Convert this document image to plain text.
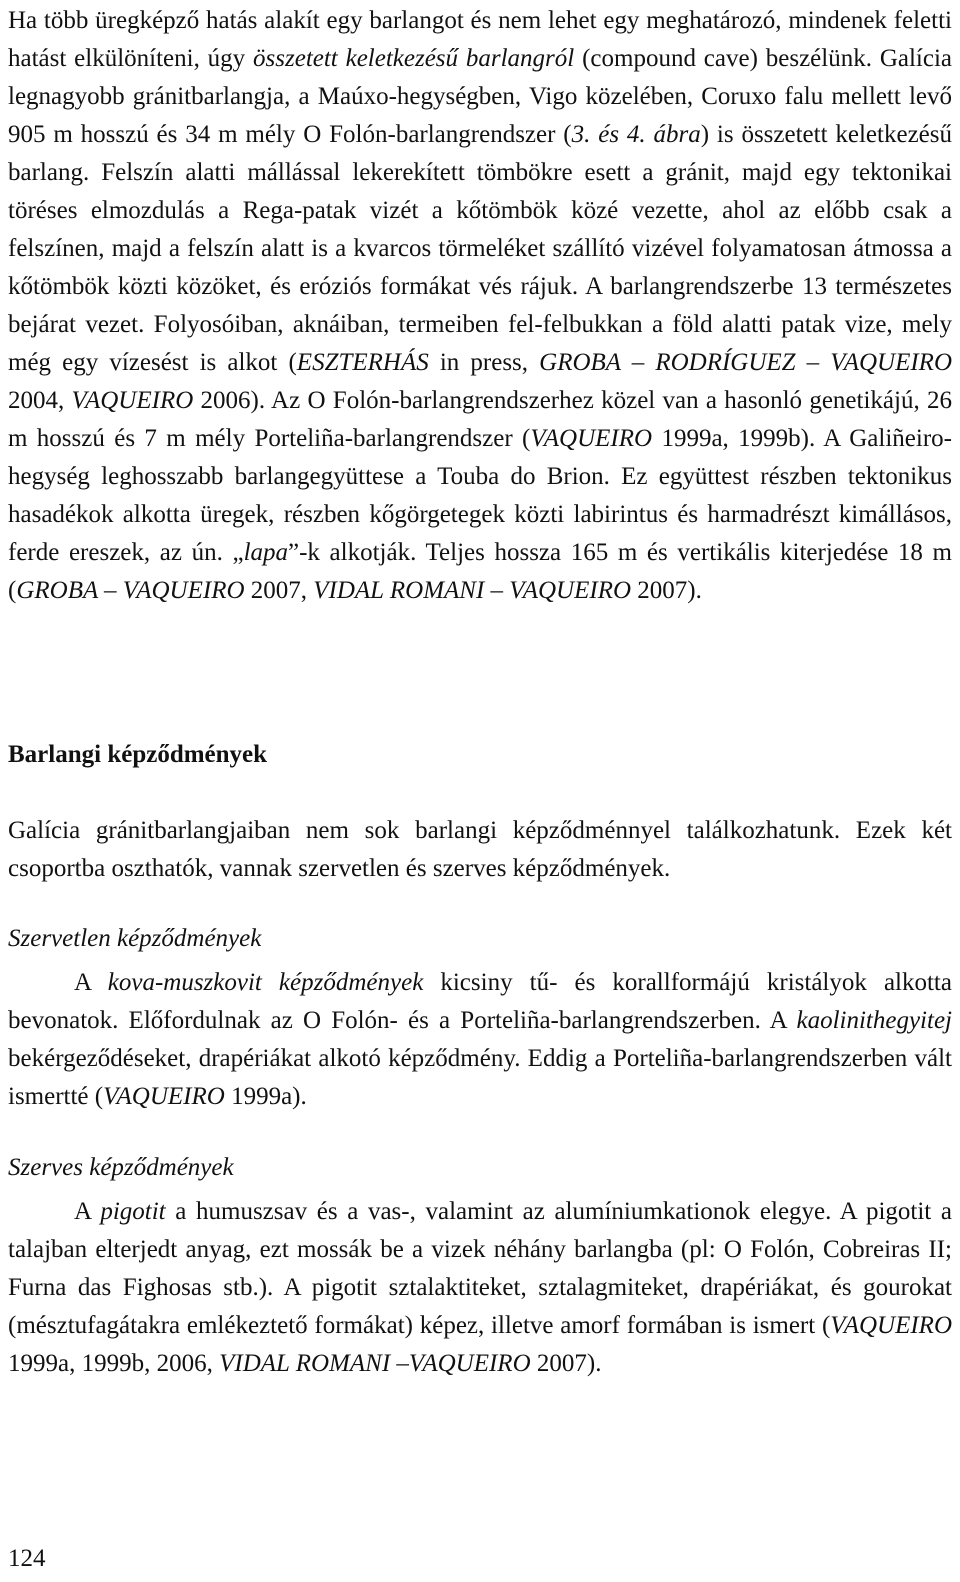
Ha több üregképző hatás alakít egy barlangot és nem lehet egy meghatározó, mindenek feletti hatást elkülöníteni, úgy összetett keletkezésű barlangról (compound cave) beszélünk. Galícia legnagyobb gránitbarlangja, a Maúxo-hegységben, Vigo közelében, Coruxo falu mellett levő 905 m hosszú és 34 m mély O Folón-barlangrendszer (3. és 4. ábra) is összetett keletkezésű barlang. Felszín alatti mállással lekerekített tömbökre esett a gránit, majd egy tektonikai töréses elmozdulás a Rega-patak vizét a kőtömbök közé vezette, ahol az előbb csak a felszínen, majd a felszín alatt is a kvarcos törmeléket szállító vizével folyamatosan átmossa a kőtömbök közti közöket, és eróziós formákat vés rájuk. A barlangrendszerbe 13 természetes bejárat vezet. Folyosóiban, aknáiban, termeiben fel-felbukkan a föld alatti patak vize, mely még egy vízesést is alkot (ESZTERHÁS in press, GROBA – RODRÍGUEZ – VAQUEIRO 2004, VAQUEIRO 2006). Az O Folón-barlangrendszerhez közel van a hasonló genetikájú, 26 m hosszú és 7 m mély Porteliña-barlangrendszer (VAQUEIRO 1999a, 1999b). A Galiñeiro-hegység leghosszabb barlangegyüttese a Touba do Brion. Ez együttest részben tektonikus hasadékok alkotta üregek, részben kőgörgetegek közti labirintus és harmadrészt kimállásos, ferde ereszek, az ún. „lapa”-k alkotják. Teljes hossza 165 m és vertikális kiterjedése 18 m (GROBA – VAQUEIRO 2007, VIDAL ROMANI – VAQUEIRO 2007).

Barlangi képződmények

Galícia gránitbarlangjaiban nem sok barlangi képződménnyel találkozhatunk. Ezek két csoportba oszthatók, vannak szervetlen és szerves képződmények.

Szervetlen képződmények

A kova-muszkovit képződmények kicsiny tű- és korallformájú kristályok alkotta bevonatok. Előfordulnak az O Folón- és a Porteliña-barlangrendszerben. A kaolinithegyitej bekérgeződéseket, drapériákat alkotó képződmény. Eddig a Porteliña-barlangrendszerben vált ismertté (VAQUEIRO 1999a).

Szerves képződmények

A pigotit a humuszsav és a vas-, valamint az alumíniumkationok elegye. A pigotit a talajban elterjedt anyag, ezt mossák be a vizek néhány barlangba (pl: O Folón, Cobreiras II; Furna das Fighosas stb.). A pigotit sztalaktiteket, sztalagmiteket, drapériákat, és gourokat (mésztufagátakra emlékeztető formákat) képez, illetve amorf formában is ismert (VAQUEIRO 1999a, 1999b, 2006, VIDAL ROMANI –VAQUEIRO 2007).

124
